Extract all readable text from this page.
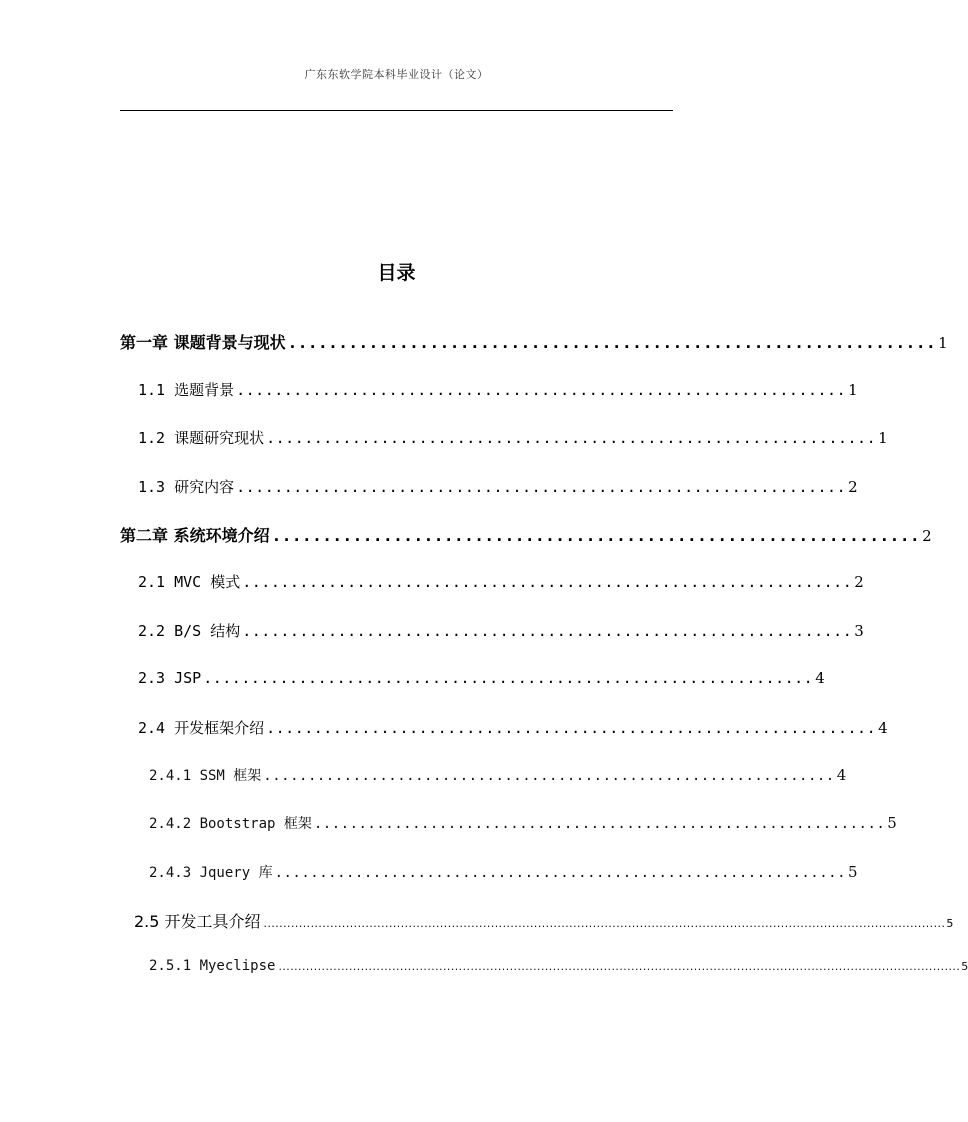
广东东软学院本科毕业设计（论文）
目录
第一章 课题背景与现状 ................................................................ 1
1.1 选题背景 ................................................................ 1
1.2 课题研究现状 ................................................................ 1
1.3 研究内容 ................................................................ 2
第二章 系统环境介绍 ................................................................ 2
2.1 MVC 模式 ................................................................ 2
2.2 B/S 结构 ................................................................ 3
2.3 JSP ................................................................ 4
2.4 开发框架介绍 ................................................................ 4
2.4.1 SSM 框架 ................................................................ 4
2.4.2 Bootstrap 框架 ................................................................ 5
2.4.3 Jquery 库 ................................................................ 5
2.5 开发工具介绍 .............................................................................................................................................................................. 5
2.5.1 Myeclipse .............................................................................................................................................................................. 5
